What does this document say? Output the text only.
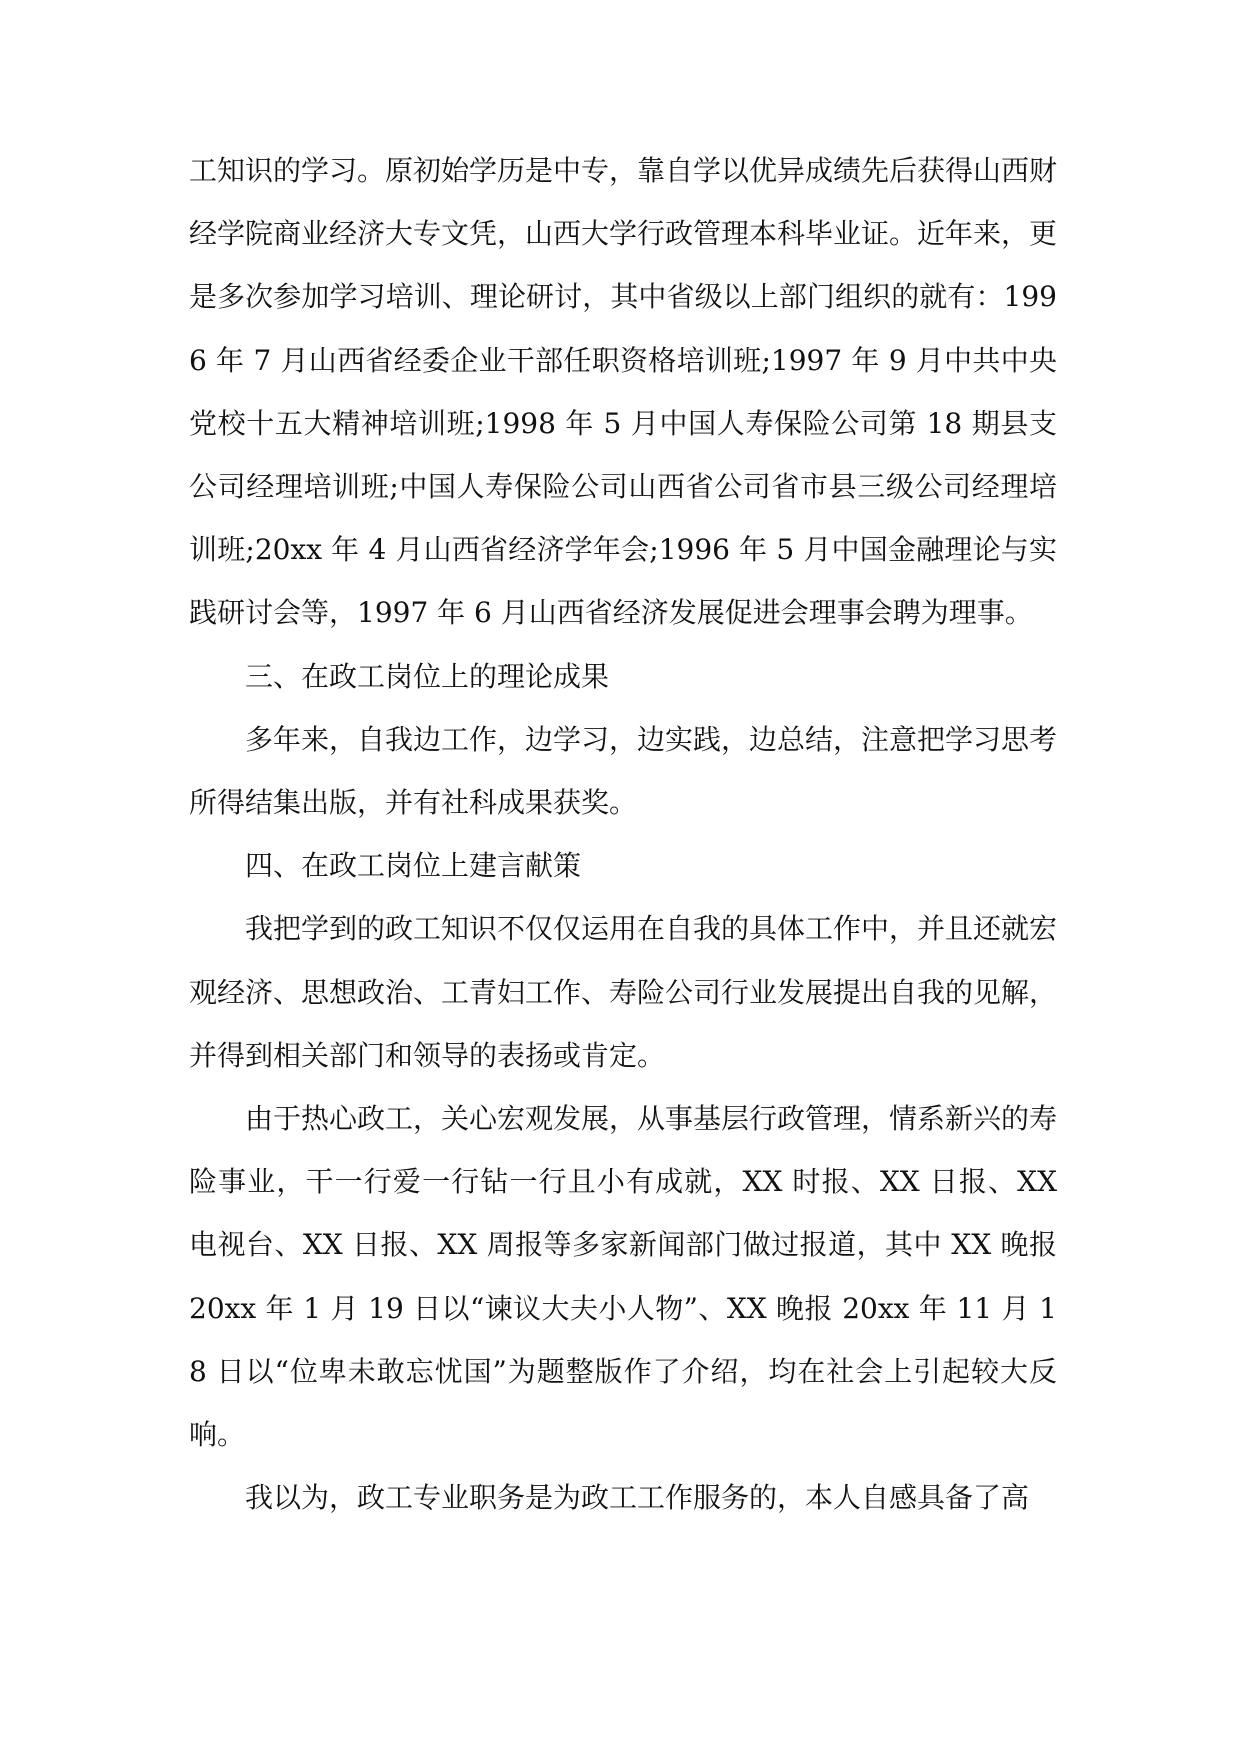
工知识的学习。原初始学历是中专，靠自学以优异成绩先后获得山西财经学院商业经济大专文凭，山西大学行政管理本科毕业证。近年来，更是多次参加学习培训、理论研讨，其中省级以上部门组织的就有：1996 年 7 月山西省经委企业干部任职资格培训班;1997 年 9 月中共中央党校十五大精神培训班;1998 年 5 月中国人寿保险公司第 18 期县支公司经理培训班;中国人寿保险公司山西省公司省市县三级公司经理培训班;20xx 年 4 月山西省经济学年会;1996 年 5 月中国金融理论与实践研讨会等，1997 年 6 月山西省经济发展促进会理事会聘为理事。

三、在政工岗位上的理论成果

多年来，自我边工作，边学习，边实践，边总结，注意把学习思考所得结集出版，并有社科成果获奖。

四、在政工岗位上建言献策

我把学到的政工知识不仅仅运用在自我的具体工作中，并且还就宏观经济、思想政治、工青妇工作、寿险公司行业发展提出自我的见解，并得到相关部门和领导的表扬或肯定。

由于热心政工，关心宏观发展，从事基层行政管理，情系新兴的寿险事业，干一行爱一行钻一行且小有成就，XX 时报、XX 日报、XX 电视台、XX 日报、XX 周报等多家新闻部门做过报道，其中 XX 晚报 20xx 年 1 月 19 日以“谏议大夫小人物”、XX 晚报 20xx 年 11 月 18 日以“位卑未敢忘忧国”为题整版作了介绍，均在社会上引起较大反响。

我以为，政工专业职务是为政工工作服务的，本人自感具备了高
